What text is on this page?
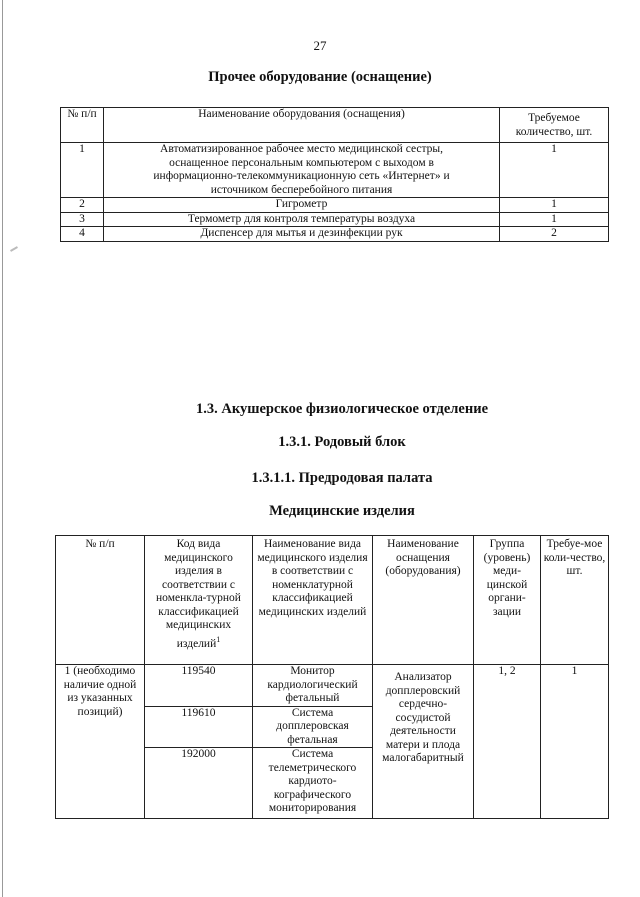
27
Прочее оборудование (оснащение)
№ п/п	Наименование оборудования (оснащения)	Требуемое количество, шт.
1	Автоматизированное рабочее место медицинской сестры, оснащенное персональным компьютером с выходом в информационно-телекоммуникационную сеть «Интернет» и источником бесперебойного питания	1
2	Гигрометр	1
3	Термометр для контроля температуры воздуха	1
4	Диспенсер для мытья и дезинфекции рук	2
1.3. Акушерское физиологическое отделение
1.3.1. Родовый блок
1.3.1.1. Предродовая палата
Медицинские изделия
№ п/п	Код вида медицинского изделия в соответствии с номенкла-турной классификацией медицинских изделий$^1$	Наименование вида медицинского изделия в соответствии с номенклатурной классификацией медицинских изделий	Наименование оснащения (оборудования)	Группа (уровень) меди-цинской органи-зации	Требуе-мое коли-чество, шт.
1 (необходимо наличие одной из указанных позиций)	119540	Монитор кардиологический фетальный	Анализатор допплеровский сердечно-сосудистой деятельности матери и плода малогабаритный	1, 2	1
	119610	Система допплеровская фетальная			
	192000	Система телеметрического кардиото-кографического мониторирования			
